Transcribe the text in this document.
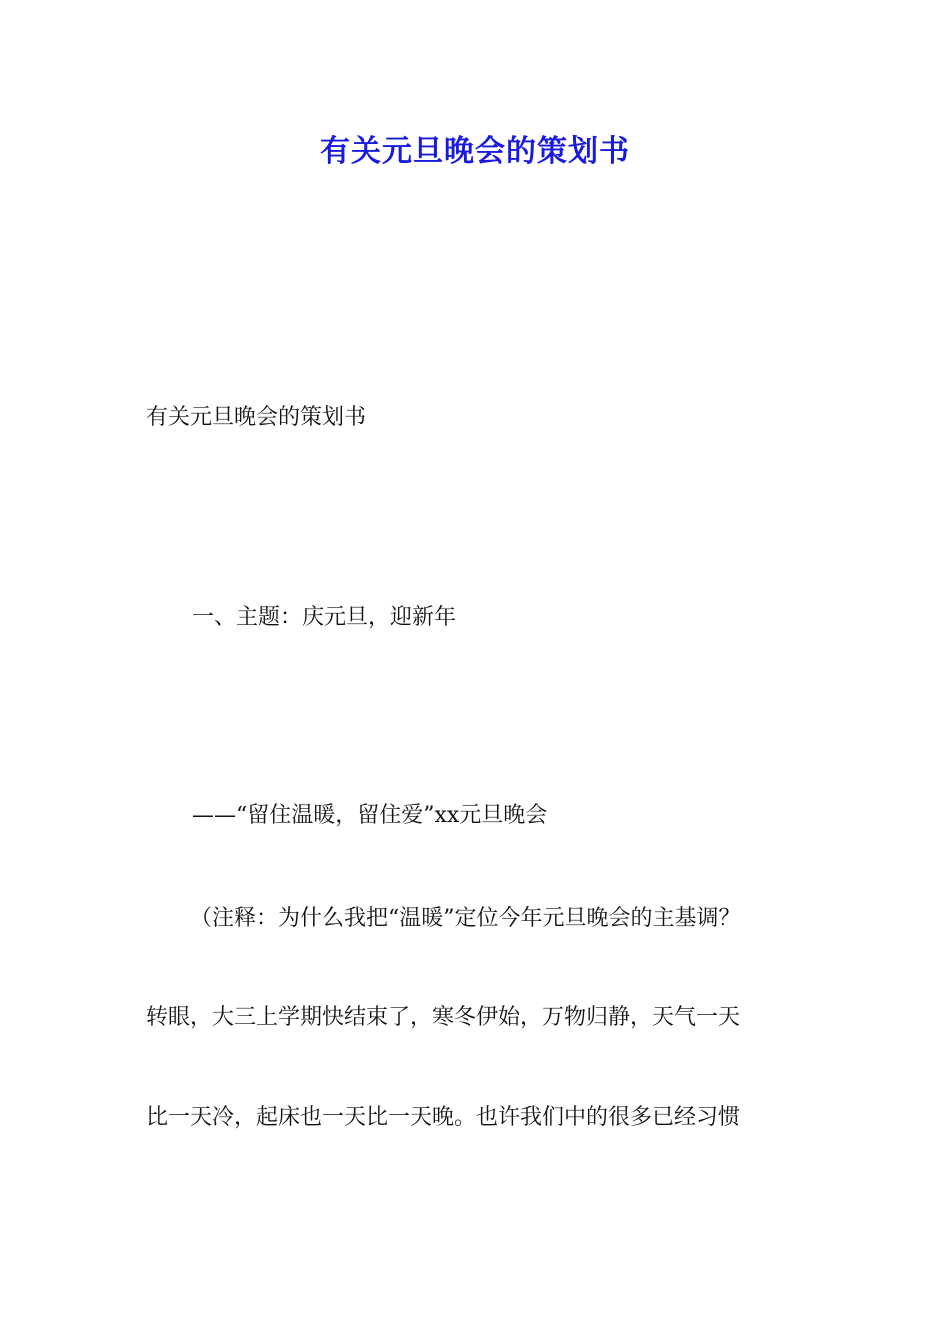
有关元旦晚会的策划书
有关元旦晚会的策划书
一、主题：庆元旦，迎新年
——“留住温暖，留住爱”xx元旦晚会
（注释：为什么我把“温暖”定位今年元旦晚会的主基调？
转眼，大三上学期快结束了，寒冬伊始，万物归静，天气一天
比一天冷，起床也一天比一天晚。也许我们中的很多已经习惯
